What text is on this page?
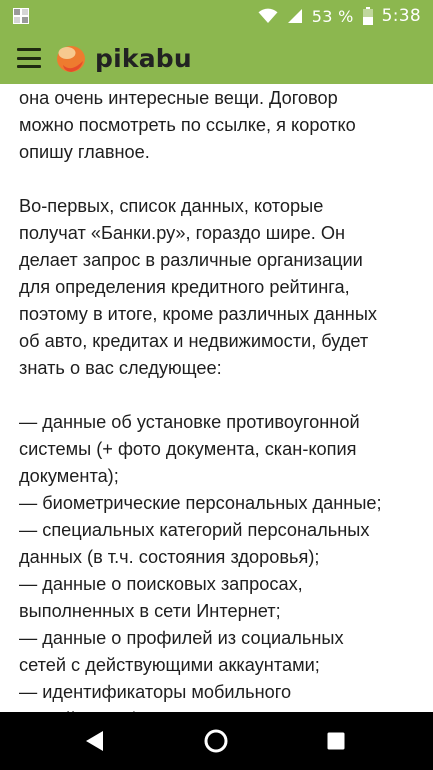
53 % 5:38
pikabu
она очень интересные вещи. Договор
можно посмотреть по ссылке, я коротко
опишу главное.
Во-первых, список данных, которые
получат «Банки.ру», гораздо шире. Он
делает запрос в различные организации
для определения кредитного рейтинга,
поэтому в итоге, кроме различных данных
об авто, кредитах и недвижимости, будет
знать о вас следующее:
— данные об установке противоугонной
системы (+ фото документа, скан-копия
документа);
— биометрические персональных данные;
— специальных категорий персональных
данных (в т.ч. состояния здоровья);
— данные о поисковых запросах,
выполненных в сети Интернет;
— данные о профилей из социальных
сетей с действующими аккаунтами;
— идентификаторы мобильного
